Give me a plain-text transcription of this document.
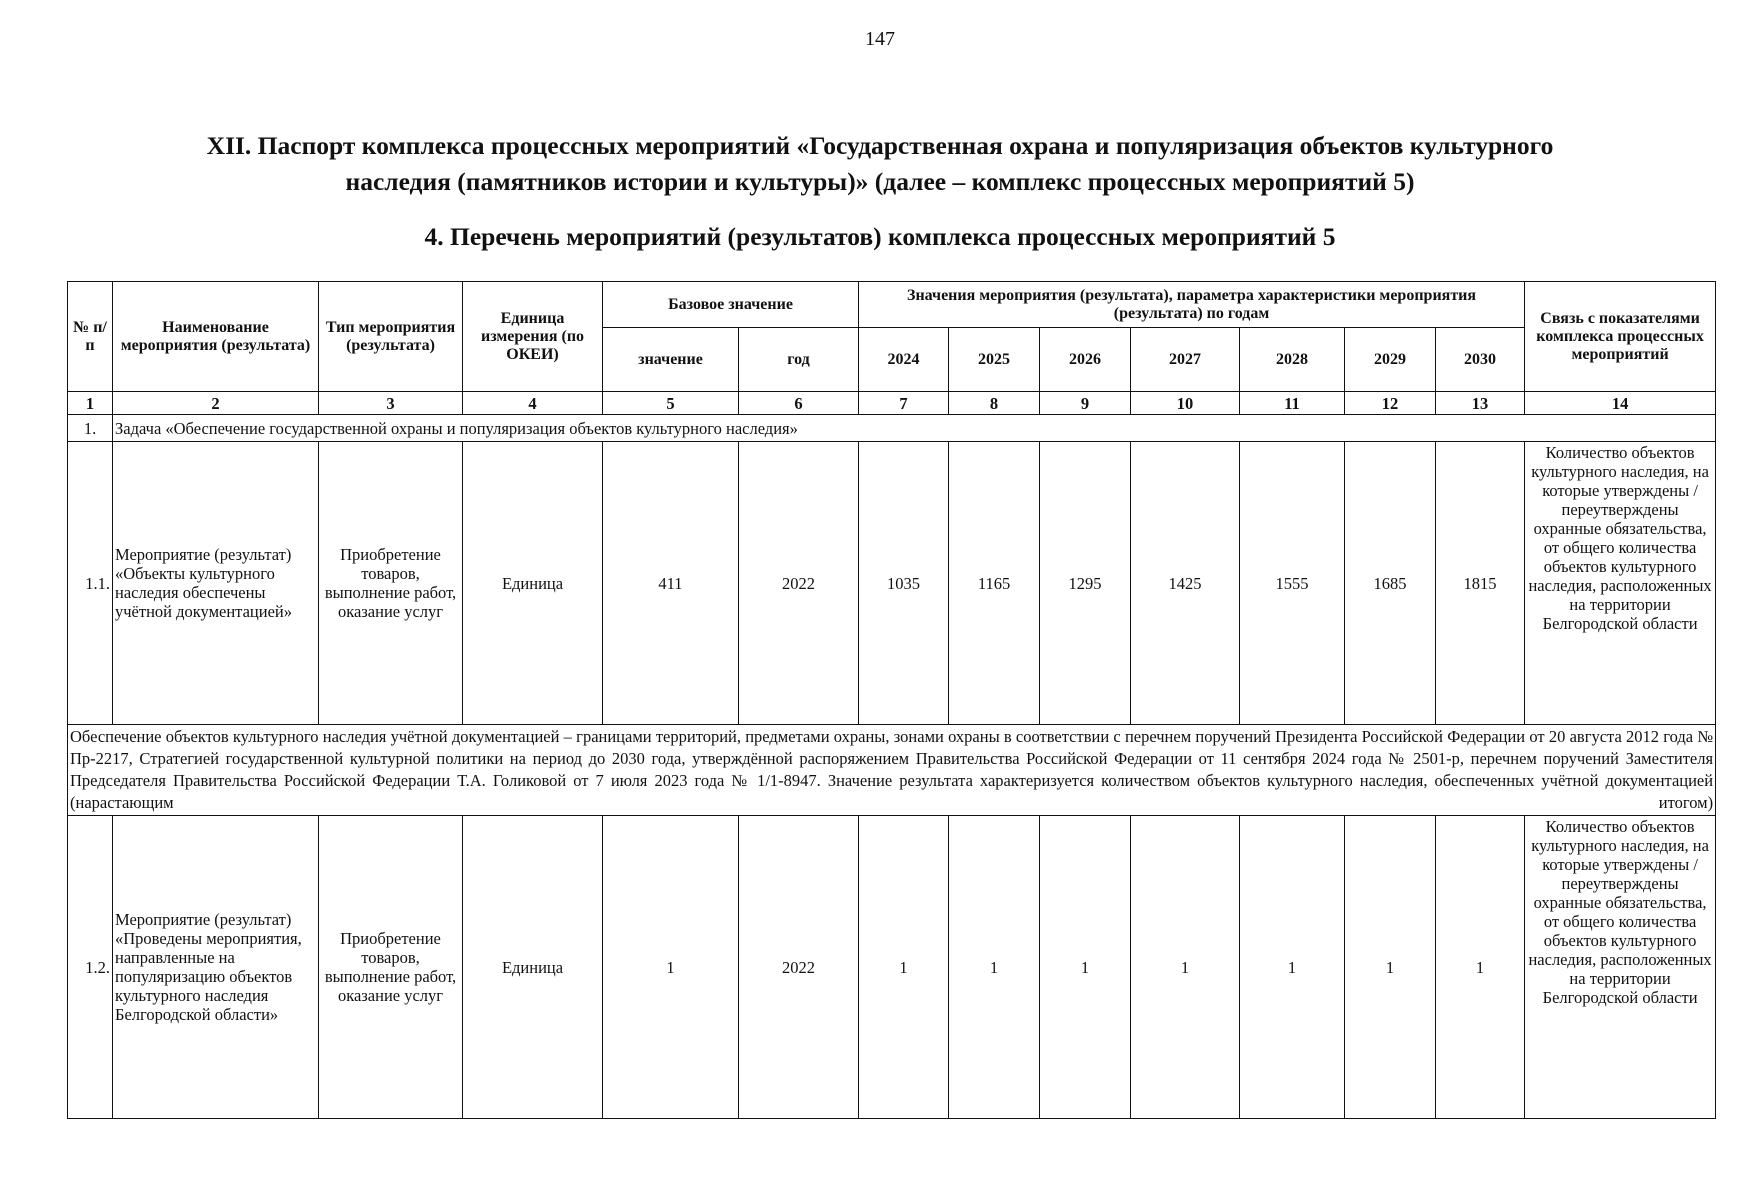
147
XII. Паспорт комплекса процессных мероприятий «Государственная охрана и популяризация объектов культурного
наследия (памятников истории и культуры)» (далее – комплекс процессных мероприятий 5)
4. Перечень мероприятий (результатов) комплекса процессных мероприятий 5
№ п/п	Наименование мероприятия (результата)	Тип мероприятия (результата)	Единица измерения (по ОКЕИ)	Базовое значение		Значения мероприятия (результата), параметра характеристики мероприятия (результата) по годам							Связь с показателями комплекса процессных мероприятий
				значение	год	2024	2025	2026	2027	2028	2029	2030	
1	2	3	4	5	6	7	8	9	10	11	12	13	14
1.	Задача «Обеспечение государственной охраны и популяризация объектов культурного наследия»												
1.1.	Мероприятие (результат) «Объекты культурного наследия обеспечены учётной документацией»	Приобретение товаров, выполнение работ, оказание услуг	Единица	411	2022	1035	1165	1295	1425	1555	1685	1815	Количество объектов культурного наследия, на которые утверждены / переутверждены охранные обязательства, от общего количества объектов культурного наследия, расположенных на территории Белгородской области
Обеспечение объектов культурного наследия учётной документацией – границами территорий, предметами охраны, зонами охраны в соответствии с перечнем поручений Президента Российской Федерации от 20 августа 2012 года № Пр-2217, Стратегией государственной культурной политики на период до 2030 года, утверждённой распоряжением Правительства Российской Федерации от 11 сентября 2024 года № 2501-р, перечнем поручений Заместителя Председателя Правительства Российской Федерации Т.А. Голиковой от 7 июля 2023 года № 1/1-8947. Значение результата характеризуется количеством объектов культурного наследия, обеспеченных учётной документацией (нарастающим итогом)													
1.2.	Мероприятие (результат) «Проведены мероприятия, направленные на популяризацию объектов культурного наследия Белгородской области»	Приобретение товаров, выполнение работ, оказание услуг	Единица	1	2022	1	1	1	1	1	1	1	Количество объектов культурного наследия, на которые утверждены / переутверждены охранные обязательства, от общего количества объектов культурного наследия, расположенных на территории Белгородской области
